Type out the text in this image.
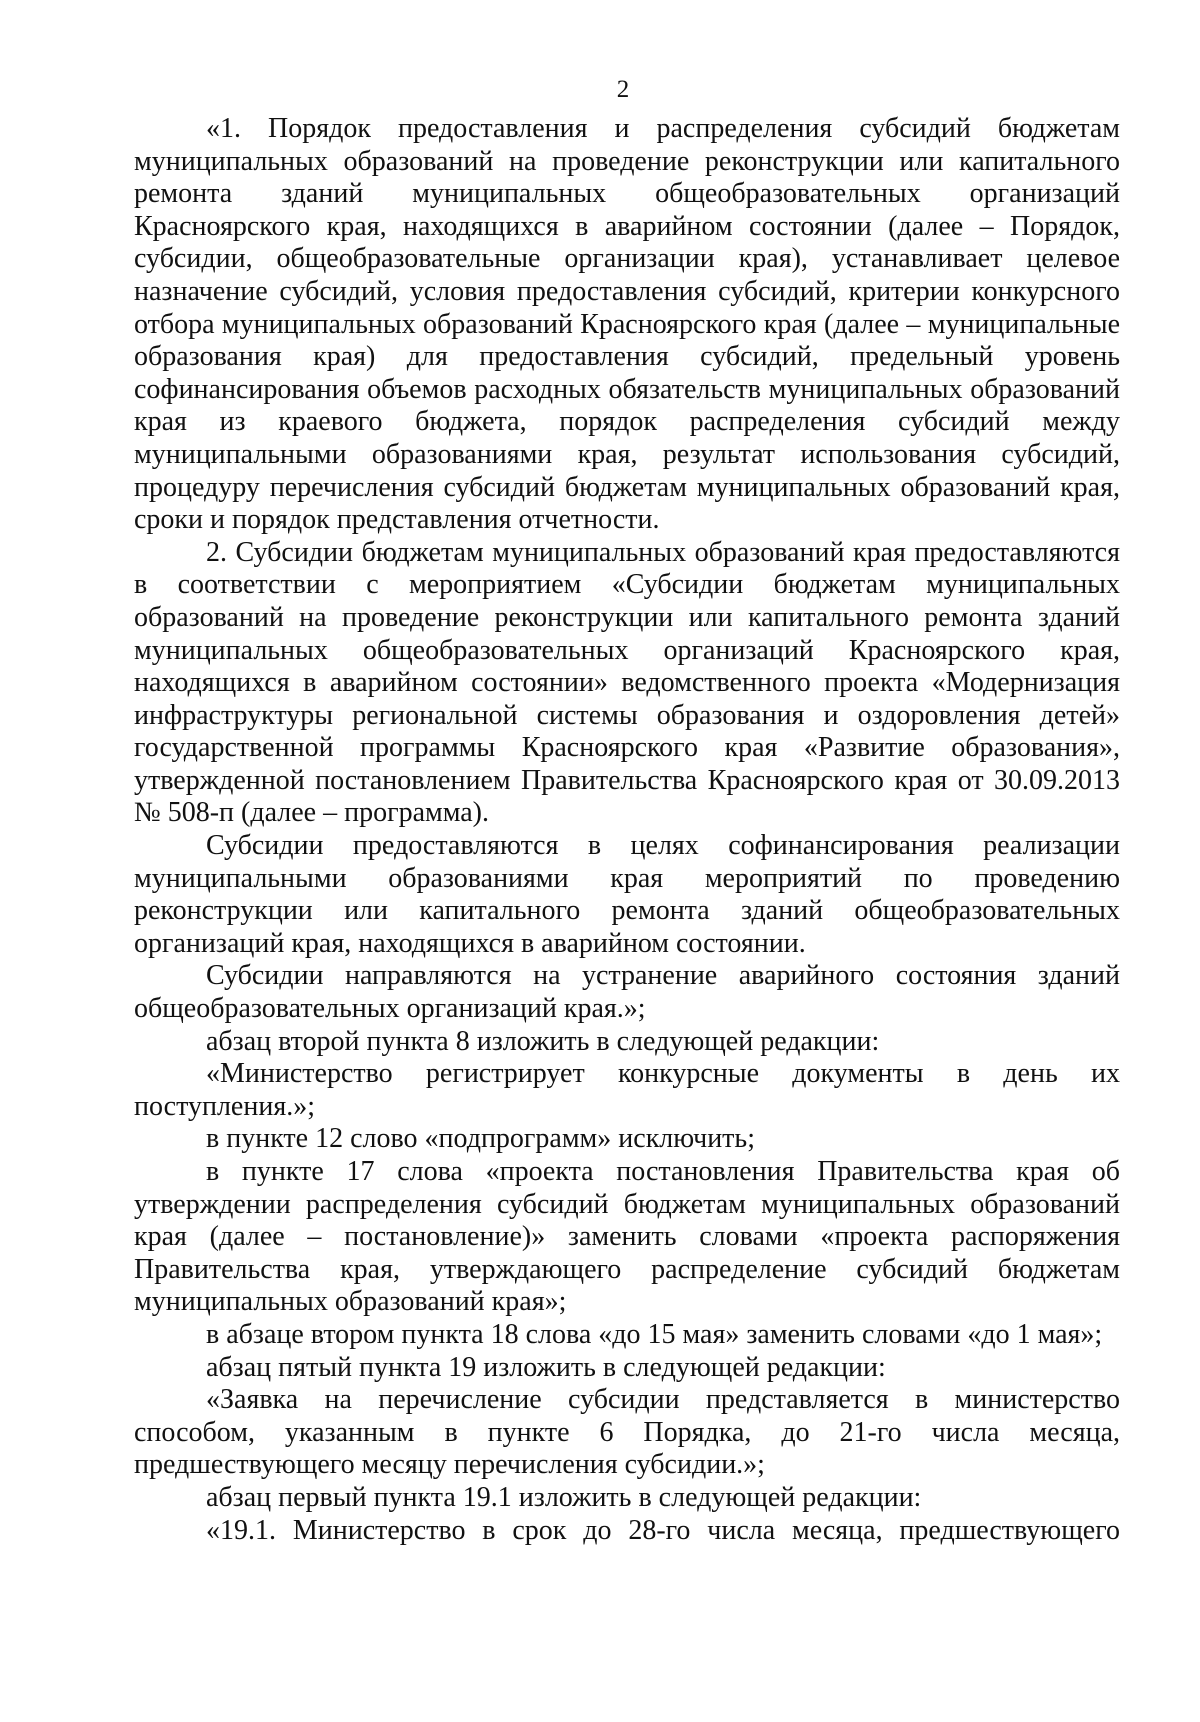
2

«1. Порядок предоставления и распределения субсидий бюджетам муниципальных образований на проведение реконструкции или капитального ремонта зданий муниципальных общеобразовательных организаций Красноярского края, находящихся в аварийном состоянии (далее – Порядок, субсидии, общеобразовательные организации края), устанавливает целевое назначение субсидий, условия предоставления субсидий, критерии конкурсного отбора муниципальных образований Красноярского края (далее – муниципальные образования края) для предоставления субсидий, предельный уровень софинансирования объемов расходных обязательств муниципальных образований края из краевого бюджета, порядок распределения субсидий между муниципальными образованиями края, результат использования субсидий, процедуру перечисления субсидий бюджетам муниципальных образований края, сроки и порядок представления отчетности.

2. Субсидии бюджетам муниципальных образований края предоставляются в соответствии с мероприятием «Субсидии бюджетам муниципальных образований на проведение реконструкции или капитального ремонта зданий муниципальных общеобразовательных организаций Красноярского края, находящихся в аварийном состоянии» ведомственного проекта «Модернизация инфраструктуры региональной системы образования и оздоровления детей» государственной программы Красноярского края «Развитие образования», утвержденной постановлением Правительства Красноярского края от 30.09.2013 № 508-п (далее – программа).

Субсидии предоставляются в целях софинансирования реализации муниципальными образованиями края мероприятий по проведению реконструкции или капитального ремонта зданий общеобразовательных организаций края, находящихся в аварийном состоянии.

Субсидии направляются на устранение аварийного состояния зданий общеобразовательных организаций края.»;

абзац второй пункта 8 изложить в следующей редакции:

«Министерство регистрирует конкурсные документы в день их поступления.»;

в пункте 12 слово «подпрограмм» исключить;

в пункте 17 слова «проекта постановления Правительства края об утверждении распределения субсидий бюджетам муниципальных образований края (далее – постановление)» заменить словами «проекта распоряжения Правительства края, утверждающего распределение субсидий бюджетам муниципальных образований края»;

в абзаце втором пункта 18 слова «до 15 мая» заменить словами «до 1 мая»;

абзац пятый пункта 19 изложить в следующей редакции:

«Заявка на перечисление субсидии представляется в министерство способом, указанным в пункте 6 Порядка, до 21-го числа месяца, предшествующего месяцу перечисления субсидии.»;

абзац первый пункта 19.1 изложить в следующей редакции:

«19.1. Министерство в срок до 28-го числа месяца, предшествующего
